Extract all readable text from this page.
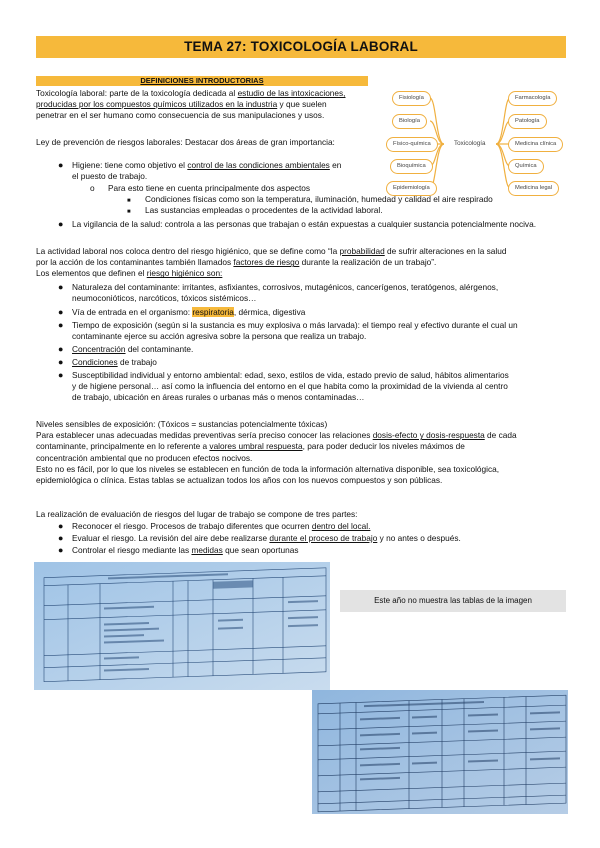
TEMA 27: TOXICOLOGÍA LABORAL
DEFINICIONES INTRODUCTORIAS
Toxicología laboral: parte de la toxicología dedicada al estudio de las intoxicaciones,
producidas por los compuestos químicos utilizados en la industria y que suelen
penetrar en el ser humano como consecuencia de sus manipulaciones y usos.
Toxicología
Fisiología
Biología
Físico-química
Bioquímica
Epidemiología
Farmacología
Patología
Medicina clínica
Química
Medicina legal
Ley de prevención de riesgos laborales: Destacar dos áreas de gran importancia:
● Higiene: tiene como objetivo el control de las condiciones ambientales en
el puesto de trabajo.
o Para esto tiene en cuenta principalmente dos aspectos
■ Condiciones físicas como son la temperatura, iluminación, humedad y calidad el aire respirado
■ Las sustancias empleadas o procedentes de la actividad laboral.
● La vigilancia de la salud: controla a las personas que trabajan o están expuestas a cualquier sustancia potencialmente nociva.
La actividad laboral nos coloca dentro del riesgo higiénico, que se define como “la probabilidad de sufrir alteraciones en la salud
por la acción de los contaminantes también llamados factores de riesgo durante la realización de un trabajo”.
Los elementos que definen el riesgo higiénico son:
● Naturaleza del contaminante: irritantes, asfixiantes, corrosivos, mutagénicos, cancerígenos, teratógenos, alérgenos,
neumoconióticos, narcóticos, tóxicos sistémicos…
● Vía de entrada en el organismo: respiratoria, dérmica, digestiva
● Tiempo de exposición (según si la sustancia es muy explosiva o más larvada): el tiempo real y efectivo durante el cual un
contaminante ejerce su acción agresiva sobre la persona que realiza un trabajo.
● Concentración del contaminante.
● Condiciones de trabajo
● Susceptibilidad individual y entorno ambiental: edad, sexo, estilos de vida, estado previo de salud, hábitos alimentarios
y de higiene personal… así como la influencia del entorno en el que habita como la proximidad de la vivienda al centro
de trabajo, ubicación en áreas rurales o urbanas más o menos contaminadas…
Niveles sensibles de exposición: (Tóxicos = sustancias potencialmente tóxicas)
Para establecer unas adecuadas medidas preventivas sería preciso conocer las relaciones dosis-efecto y dosis-respuesta de cada
contaminante, principalmente en lo referente a valores umbral respuesta, para poder deducir los niveles máximos de
concentración ambiental que no producen efectos nocivos.
Esto no es fácil, por lo que los niveles se establecen en función de toda la información alternativa disponible, sea toxicológica,
epidemiológica o clínica. Estas tablas se actualizan todos los años con los nuevos compuestos y son públicas.
La realización de evaluación de riesgos del lugar de trabajo se compone de tres partes:
● Reconocer el riesgo. Procesos de trabajo diferentes que ocurren dentro del local.
● Evaluar el riesgo. La revisión del aire debe realizarse durante el proceso de trabajo y no antes o después.
● Controlar el riesgo mediante las medidas que sean oportunas
Este año no muestra las tablas de la imagen
